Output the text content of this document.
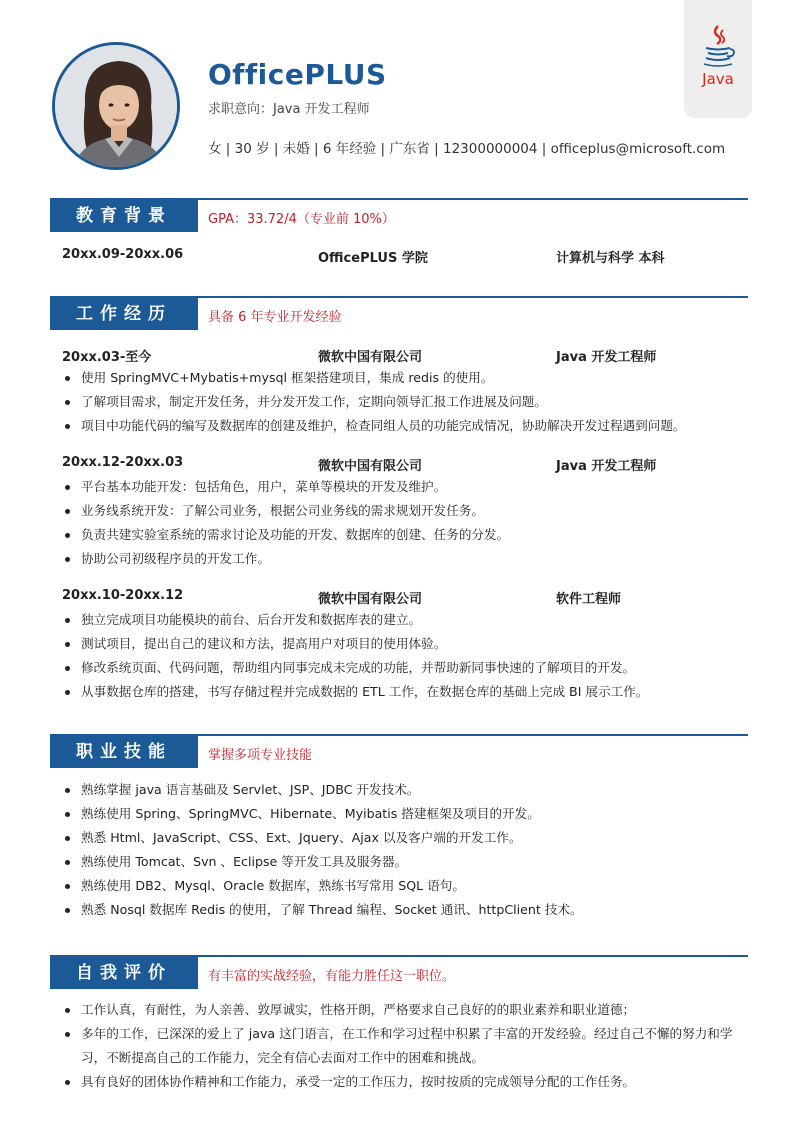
OfficePLUS
求职意向：Java 开发工程师
女 | 30 岁 | 未婚 | 6 年经验 | 广东省 | 12300000004 | officeplus@microsoft.com
Java
教育背景	GPA：33.72/4（专业前 10%）
20xx.09-20xx.06	OfficePLUS 学院	计算机与科学 本科
工作经历	具备 6 年专业开发经验
20xx.03-至今	微软中国有限公司	Java 开发工程师
使用 SpringMVC+Mybatis+mysql 框架搭建项目，集成 redis 的使用。
了解项目需求，制定开发任务，并分发开发工作，定期向领导汇报工作进展及问题。
项目中功能代码的编写及数据库的创建及维护，检查同组人员的功能完成情况，协助解决开发过程遇到问题。
20xx.12-20xx.03	微软中国有限公司	Java 开发工程师
平台基本功能开发：包括角色，用户，菜单等模块的开发及维护。
业务线系统开发：了解公司业务，根据公司业务线的需求规划开发任务。
负责共建实验室系统的需求讨论及功能的开发、数据库的创建、任务的分发。
协助公司初级程序员的开发工作。
20xx.10-20xx.12	微软中国有限公司	软件工程师
独立完成项目功能模块的前台、后台开发和数据库表的建立。
测试项目，提出自己的建议和方法，提高用户对项目的使用体验。
修改系统页面、代码问题，帮助组内同事完成未完成的功能，并帮助新同事快速的了解项目的开发。
从事数据仓库的搭建，书写存储过程并完成数据的 ETL 工作，在数据仓库的基础上完成 BI 展示工作。
职业技能	掌握多项专业技能
熟练掌握 java 语言基础及 Servlet、JSP、JDBC 开发技术。
熟练使用 Spring、SpringMVC、Hibernate、Myibatis 搭建框架及项目的开发。
熟悉 Html、JavaScript、CSS、Ext、Jquery、Ajax 以及客户端的开发工作。
熟练使用 Tomcat、Svn 、Eclipse 等开发工具及服务器。
熟练使用 DB2、Mysql、Oracle 数据库，熟练书写常用 SQL 语句。
熟悉 Nosql 数据库 Redis 的使用，了解 Thread 编程、Socket 通讯、httpClient 技术。
自我评价	有丰富的实战经验，有能力胜任这一职位。
工作认真，有耐性，为人亲善、敦厚诚实，性格开朗，严格要求自己良好的的职业素养和职业道德；
多年的工作，已深深的爱上了 java 这门语言，在工作和学习过程中积累了丰富的开发经验。经过自己不懈的努力和学习，不断提高自己的工作能力，完全有信心去面对工作中的困难和挑战。
具有良好的团体协作精神和工作能力，承受一定的工作压力，按时按质的完成领导分配的工作任务。
